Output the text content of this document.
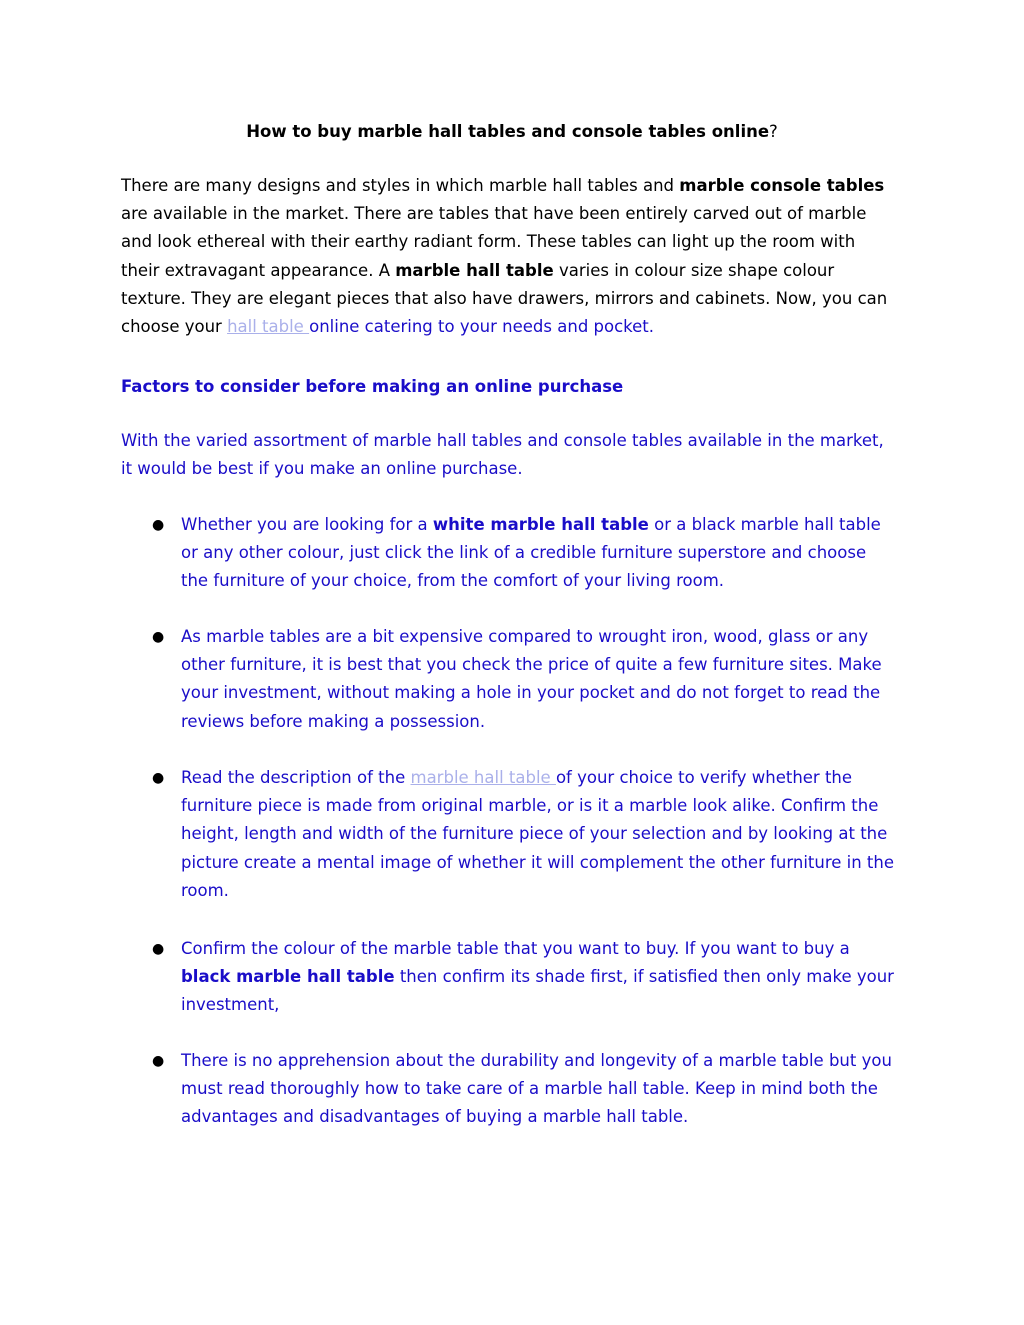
How to buy marble hall tables and console tables online?

There are many designs and styles in which marble hall tables and marble console tables are available in the market. There are tables that have been entirely carved out of marble and look ethereal with their earthy radiant form. These tables can light up the room with their extravagant appearance. A marble hall table varies in colour size shape colour texture. They are elegant pieces that also have drawers, mirrors and cabinets. Now, you can choose your hall table online catering to your needs and pocket.

Factors to consider before making an online purchase

With the varied assortment of marble hall tables and console tables available in the market, it would be best if you make an online purchase.

●

Whether you are looking for a white marble hall table or a black marble hall table or any other colour, just click the link of a credible furniture superstore and choose the furniture of your choice, from the comfort of your living room.

●

As marble tables are a bit expensive compared to wrought iron, wood, glass or any other furniture, it is best that you check the price of quite a few furniture sites. Make your investment, without making a hole in your pocket and do not forget to read the reviews before making a possession.

●

Read the description of the marble hall table of your choice to verify whether the furniture piece is made from original marble, or is it a marble look alike. Confirm the height, length and width of the furniture piece of your selection and by looking at the picture create a mental image of whether it will complement the other furniture in the room.

●

Confirm the colour of the marble table that you want to buy. If you want to buy a black marble hall table then confirm its shade first, if satisfied then only make your investment,

●

There is no apprehension about the durability and longevity of a marble table but you must read thoroughly how to take care of a marble hall table. Keep in mind both the advantages and disadvantages of buying a marble hall table.
